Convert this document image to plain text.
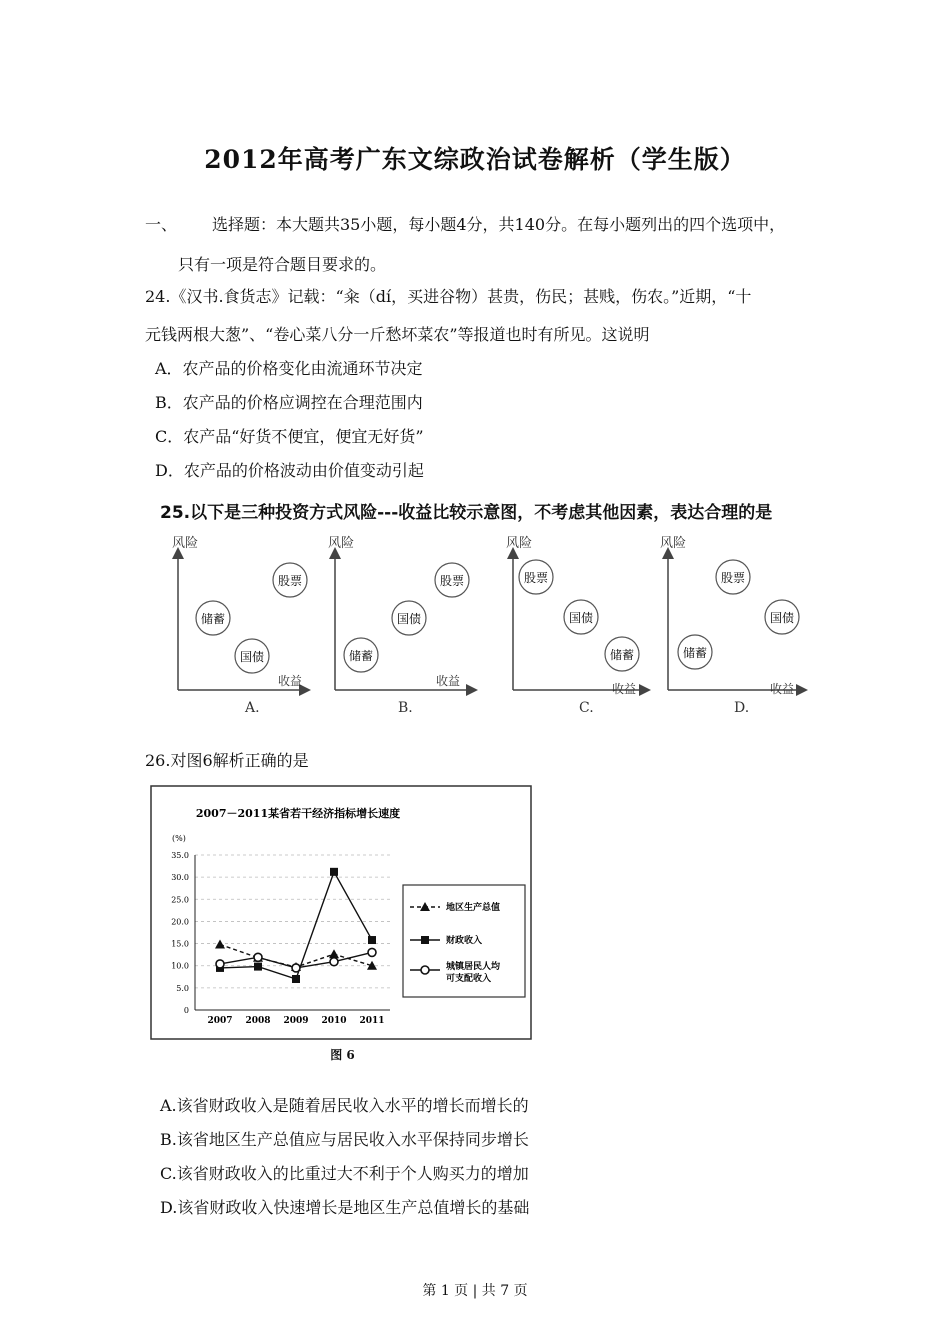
2012年高考广东文综政治试卷解析（学生版）
一、 选择题：本大题共35小题，每小题4分，共140分。在每小题列出的四个选项中，
只有一项是符合题目要求的。
24.《汉书.食货志》记载：“籴（dí，买进谷物）甚贵，伤民；甚贱，伤农。”近期，“十
元钱两根大葱”、“卷心菜八分一斤愁坏菜农”等报道也时有所见。这说明
A．农产品的价格变化由流通环节决定
B．农产品的价格应调控在合理范围内
C．农产品“好货不便宜，便宜无好货”
D．农产品的价格波动由价值变动引起
25.以下是三种投资方式风险---收益比较示意图，不考虑其他因素，表达合理的是
风险
收益
股票
储蓄
国债
A.
风险
收益
股票
国债
储蓄
B.
风险
收益
股票
国债
储蓄
C.
风险
收益
股票
国债
储蓄
D.
26.对图6解析正确的是
2007－2011某省若干经济指标增长速度
(%)
0
5.0
10.0
15.0
20.0
25.0
30.0
35.0
2007 2008 2009 2010 2011
地区生产总值
财政收入
城镇居民人均
可支配收入
图 6
A.该省财政收入是随着居民收入水平的增长而增长的
B.该省地区生产总值应与居民收入水平保持同步增长
C.该省财政收入的比重过大不利于个人购买力的增加
D.该省财政收入快速增长是地区生产总值增长的基础
第 1 页 | 共 7 页
